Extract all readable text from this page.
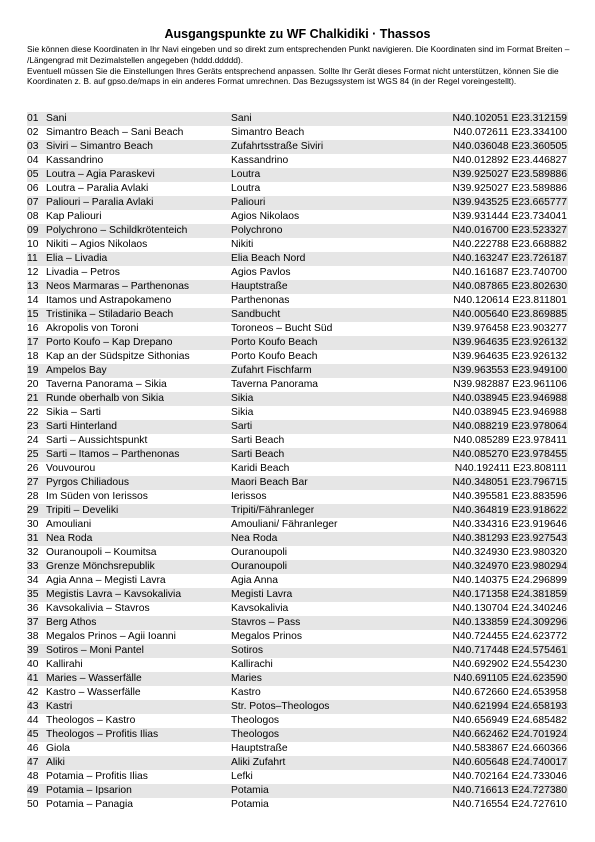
Ausgangspunkte zu WF Chalkidiki · Thassos

Sie können diese Koordinaten in Ihr Navi eingeben und so direkt zum entsprechenden Punkt navigieren. Die Koordinaten sind im Format Breiten – /Längengrad mit Dezimalstellen angegeben (hddd.ddddd).

Eventuell müssen Sie die Einstellungen Ihres Geräts entsprechend anpassen. Sollte Ihr Gerät dieses Format nicht unterstützen, können Sie die Koordinaten z. B. auf gpso.de/maps in ein anderes Format umrechnen. Das Bezugssystem ist WGS 84 (in der Regel voreingestellt).

01 Sani	Sani	N40.102051 E23.312159
02 Simantro Beach – Sani Beach	Simantro Beach	N40.072611 E23.334100
03 Siviri – Simantro Beach	Zufahrtsstraße Siviri	N40.036048 E23.360505
04 Kassandrino	Kassandrino	N40.012892 E23.446827
05 Loutra – Agia Paraskevi	Loutra	N39.925027 E23.589886
06 Loutra – Paralia Avlaki	Loutra	N39.925027 E23.589886
07 Paliouri – Paralia Avlaki	Paliouri	N39.943525 E23.665777
08 Kap Paliouri	Agios Nikolaos	N39.931444 E23.734041
09 Polychrono – Schildkrötenteich	Polychrono	N40.016700 E23.523327
10 Nikiti – Agios Nikolaos	Nikiti	N40.222788 E23.668882
11 Elia – Livadia	Elia Beach Nord	N40.163247 E23.726187
12 Livadia – Petros	Agios Pavlos	N40.161687 E23.740700
13 Neos Marmaras – Parthenonas	Hauptstraße	N40.087865 E23.802630
14 Itamos und Astrapokameno	Parthenonas	N40.120614 E23.811801
15 Tristinika – Stiladario Beach	Sandbucht	N40.005640 E23.869885
16 Akropolis von Toroni	Toroneos – Bucht Süd	N39.976458 E23.903277
17 Porto Koufo – Kap Drepano	Porto Koufo Beach	N39.964635 E23.926132
18 Kap an der Südspitze Sithonias	Porto Koufo Beach	N39.964635 E23.926132
19 Ampelos Bay	Zufahrt Fischfarm	N39.963553 E23.949100
20 Taverna Panorama – Sikia	Taverna Panorama	N39.982887 E23.961106
21 Runde oberhalb von Sikia	Sikia	N40.038945 E23.946988
22 Sikia – Sarti	Sikia	N40.038945 E23.946988
23 Sarti Hinterland	Sarti	N40.088219 E23.978064
24 Sarti – Aussichtspunkt	Sarti Beach	N40.085289 E23.978411
25 Sarti – Itamos – Parthenonas	Sarti Beach	N40.085270 E23.978455
26 Vouvourou	Karidi Beach	N40.192411 E23.808111
27 Pyrgos Chiliadous	Maori Beach Bar	N40.348051 E23.796715
28 Im Süden von Ierissos	Ierissos	N40.395581 E23.883596
29 Tripiti – Develiki	Tripiti/Fähranleger	N40.364819 E23.918622
30 Amouliani	Amouliani/ Fähranleger	N40.334316 E23.919646
31 Nea Roda	Nea Roda	N40.381293 E23.927543
32 Ouranoupoli – Koumitsa	Ouranoupoli	N40.324930 E23.980320
33 Grenze Mönchsrepublik	Ouranoupoli	N40.324970 E23.980294
34 Agia Anna – Megisti Lavra	Agia Anna	N40.140375 E24.296899
35 Megistis Lavra – Kavsokalivia	Megisti Lavra	N40.171358 E24.381859
36 Kavsokalivia – Stavros	Kavsokalivia	N40.130704 E24.340246
37 Berg Athos	Stavros – Pass	N40.133859 E24.309296
38 Megalos Prinos – Agii Ioanni	Megalos Prinos	N40.724455 E24.623772
39 Sotiros – Moni Pantel	Sotiros	N40.717448 E24.575461
40 Kallirahi	Kallirachi	N40.692902 E24.554230
41 Maries – Wasserfälle	Maries	N40.691105 E24.623590
42 Kastro – Wasserfälle	Kastro	N40.672660 E24.653958
43 Kastri	Str. Potos–Theologos	N40.621994 E24.658193
44 Theologos – Kastro	Theologos	N40.656949 E24.685482
45 Theologos – Profitis Ilias	Theologos	N40.662462 E24.701924
46 Giola	Hauptstraße	N40.583867 E24.660366
47 Aliki	Aliki Zufahrt	N40.605648 E24.740017
48 Potamia – Profitis Ilias	Lefki	N40.702164 E24.733046
49 Potamia – Ipsarion	Potamia	N40.716613 E24.727380
50 Potamia – Panagia	Potamia	N40.716554 E24.727610
